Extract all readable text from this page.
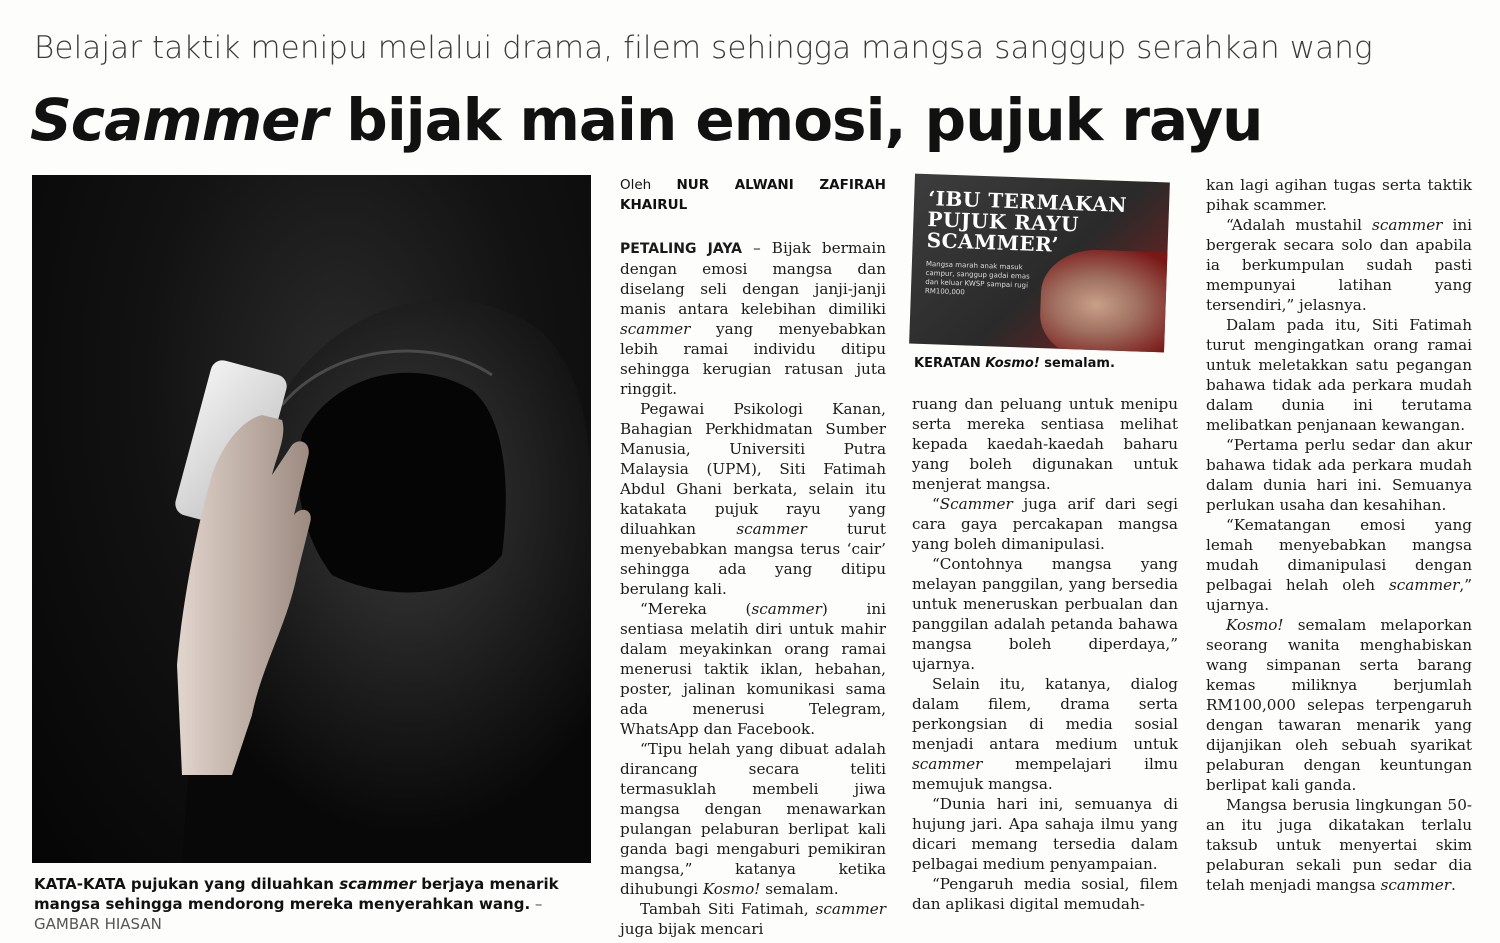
Belajar taktik menipu melalui drama, filem sehingga mangsa sanggup serahkan wang
Scammer bijak main emosi, pujuk rayu
KATA-KATA pujukan yang diluahkan scammer berjaya menarik mangsa sehingga mendorong mereka menyerahkan wang. – GAMBAR HIASAN
Oleh NUR ALWANI ZAFIRAH KHAIRUL

PETALING JAYA – Bijak bermain dengan emosi mangsa dan diselang seli dengan janji-janji manis antara kelebihan dimiliki scammer yang menyebabkan lebih ramai individu ditipu sehingga kerugian ratusan juta ringgit.

Pegawai Psikologi Kanan, Bahagian Perkhidmatan Sumber Manusia, Universiti Putra Malaysia (UPM), Siti Fatimah Abdul Ghani berkata, selain itu katakata pujuk rayu yang diluahkan scammer turut menyebabkan mangsa terus ‘cair’ sehingga ada yang ditipu berulang kali.

“Mereka (scammer) ini sentiasa melatih diri untuk mahir dalam meyakinkan orang ramai menerusi taktik iklan, hebahan, poster, jalinan komunikasi sama ada menerusi Telegram, WhatsApp dan Facebook.

“Tipu helah yang dibuat adalah dirancang secara teliti termasuklah membeli jiwa mangsa dengan menawarkan pulangan pelaburan berlipat kali ganda bagi mengaburi pemikiran mangsa,” katanya ketika dihubungi Kosmo! semalam.

Tambah Siti Fatimah, scammer juga bijak mencari

‘IBU TERMAKAN PUJUK RAYU SCAMMER’
Mangsa marah anak masuk campur, sanggup gadai emas dan keluar KWSP sampai rugi RM100,000
KERATAN Kosmo! semalam.

ruang dan peluang untuk menipu serta mereka sentiasa melihat kepada kaedah-kaedah baharu yang boleh digunakan untuk menjerat mangsa.

“Scammer juga arif dari segi cara gaya percakapan mangsa yang boleh dimanipulasi.

“Contohnya mangsa yang melayan panggilan, yang bersedia untuk meneruskan perbualan dan panggilan adalah petanda bahawa mangsa boleh diperdaya,” ujarnya.

Selain itu, katanya, dialog dalam filem, drama serta perkongsian di media sosial menjadi antara medium untuk scammer mempelajari ilmu memujuk mangsa.

“Dunia hari ini, semuanya di hujung jari. Apa sahaja ilmu yang dicari memang tersedia dalam pelbagai medium penyampaian.

“Pengaruh media sosial, filem dan aplikasi digital memudah-

kan lagi agihan tugas serta taktik pihak scammer.

“Adalah mustahil scammer ini bergerak secara solo dan apabila ia berkumpulan sudah pasti mempunyai latihan yang tersendiri,” jelasnya.

Dalam pada itu, Siti Fatimah turut mengingatkan orang ramai untuk meletakkan satu pegangan bahawa tidak ada perkara mudah dalam dunia ini terutama melibatkan penjanaan kewangan.

“Pertama perlu sedar dan akur bahawa tidak ada perkara mudah dalam dunia hari ini. Semuanya perlukan usaha dan kesahihan.

“Kematangan emosi yang lemah menyebabkan mangsa mudah dimanipulasi dengan pelbagai helah oleh scammer,” ujarnya.

Kosmo! semalam melaporkan seorang wanita menghabiskan wang simpanan serta barang kemas miliknya berjumlah RM100,000 selepas terpengaruh dengan tawaran menarik yang dijanjikan oleh sebuah syarikat pelaburan dengan keuntungan berlipat kali ganda.

Mangsa berusia lingkungan 50-an itu juga dikatakan terlalu taksub untuk menyertai skim pelaburan sekali pun sedar dia telah menjadi mangsa scammer.
